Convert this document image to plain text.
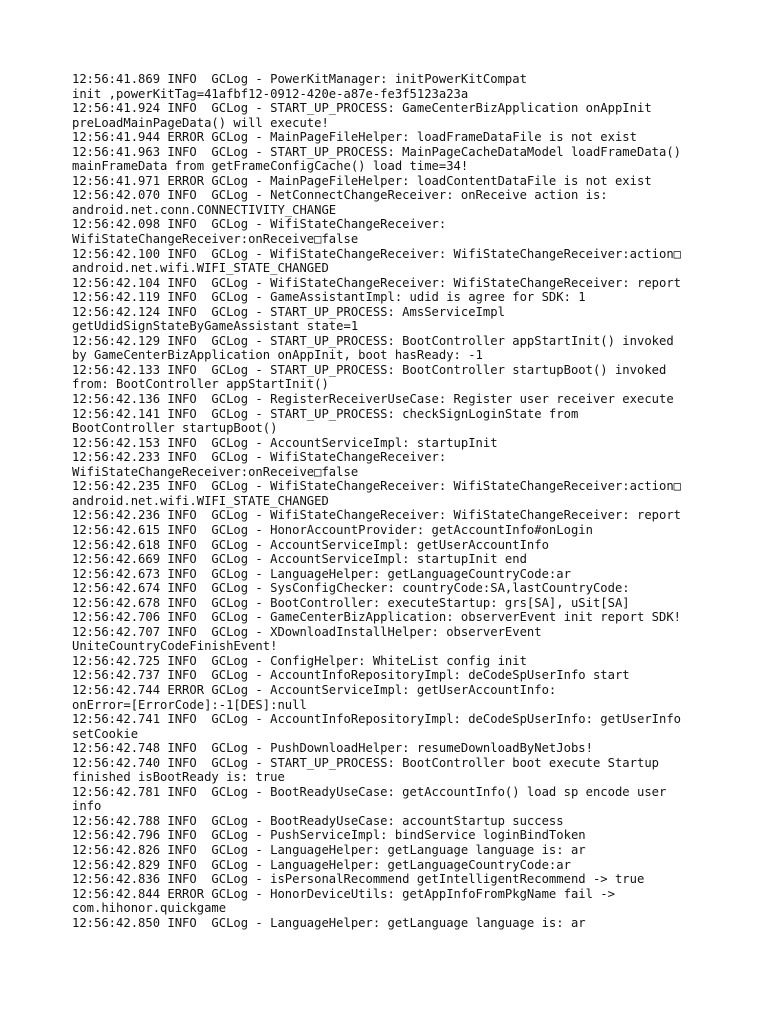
12:56:41.869 INFO  GCLog - PowerKitManager: initPowerKitCompat
init ,powerKitTag=41afbf12-0912-420e-a87e-fe3f5123a23a
12:56:41.924 INFO  GCLog - START_UP_PROCESS: GameCenterBizApplication onAppInit
preLoadMainPageData() will execute!
12:56:41.944 ERROR GCLog - MainPageFileHelper: loadFrameDataFile is not exist
12:56:41.963 INFO  GCLog - START_UP_PROCESS: MainPageCacheDataModel loadFrameData()
mainFrameData from getFrameConfigCache() load time=34!
12:56:41.971 ERROR GCLog - MainPageFileHelper: loadContentDataFile is not exist
12:56:42.070 INFO  GCLog - NetConnectChangeReceiver: onReceive action is:
android.net.conn.CONNECTIVITY_CHANGE
12:56:42.098 INFO  GCLog - WifiStateChangeReceiver:
WifiStateChangeReceiver:onReceive□false
12:56:42.100 INFO  GCLog - WifiStateChangeReceiver: WifiStateChangeReceiver:action□
android.net.wifi.WIFI_STATE_CHANGED
12:56:42.104 INFO  GCLog - WifiStateChangeReceiver: WifiStateChangeReceiver: report
12:56:42.119 INFO  GCLog - GameAssistantImpl: udid is agree for SDK: 1
12:56:42.124 INFO  GCLog - START_UP_PROCESS: AmsServiceImpl
getUdidSignStateByGameAssistant state=1
12:56:42.129 INFO  GCLog - START_UP_PROCESS: BootController appStartInit() invoked
by GameCenterBizApplication onAppInit, boot hasReady: -1
12:56:42.133 INFO  GCLog - START_UP_PROCESS: BootController startupBoot() invoked
from: BootController appStartInit()
12:56:42.136 INFO  GCLog - RegisterReceiverUseCase: Register user receiver execute
12:56:42.141 INFO  GCLog - START_UP_PROCESS: checkSignLoginState from
BootController startupBoot()
12:56:42.153 INFO  GCLog - AccountServiceImpl: startupInit
12:56:42.233 INFO  GCLog - WifiStateChangeReceiver:
WifiStateChangeReceiver:onReceive□false
12:56:42.235 INFO  GCLog - WifiStateChangeReceiver: WifiStateChangeReceiver:action□
android.net.wifi.WIFI_STATE_CHANGED
12:56:42.236 INFO  GCLog - WifiStateChangeReceiver: WifiStateChangeReceiver: report
12:56:42.615 INFO  GCLog - HonorAccountProvider: getAccountInfo#onLogin
12:56:42.618 INFO  GCLog - AccountServiceImpl: getUserAccountInfo
12:56:42.669 INFO  GCLog - AccountServiceImpl: startupInit end
12:56:42.673 INFO  GCLog - LanguageHelper: getLanguageCountryCode:ar
12:56:42.674 INFO  GCLog - SysConfigChecker: countryCode:SA,lastCountryCode:
12:56:42.678 INFO  GCLog - BootController: executeStartup: grs[SA], uSit[SA]
12:56:42.706 INFO  GCLog - GameCenterBizApplication: observerEvent init report SDK!
12:56:42.707 INFO  GCLog - XDownloadInstallHelper: observerEvent
UniteCountryCodeFinishEvent!
12:56:42.725 INFO  GCLog - ConfigHelper: WhiteList config init
12:56:42.737 INFO  GCLog - AccountInfoRepositoryImpl: deCodeSpUserInfo start
12:56:42.744 ERROR GCLog - AccountServiceImpl: getUserAccountInfo:
onError=[ErrorCode]:-1[DES]:null
12:56:42.741 INFO  GCLog - AccountInfoRepositoryImpl: deCodeSpUserInfo: getUserInfo
setCookie
12:56:42.748 INFO  GCLog - PushDownloadHelper: resumeDownloadByNetJobs!
12:56:42.740 INFO  GCLog - START_UP_PROCESS: BootController boot execute Startup
finished isBootReady is: true
12:56:42.781 INFO  GCLog - BootReadyUseCase: getAccountInfo() load sp encode user
info
12:56:42.788 INFO  GCLog - BootReadyUseCase: accountStartup success
12:56:42.796 INFO  GCLog - PushServiceImpl: bindService loginBindToken
12:56:42.826 INFO  GCLog - LanguageHelper: getLanguage language is: ar
12:56:42.829 INFO  GCLog - LanguageHelper: getLanguageCountryCode:ar
12:56:42.836 INFO  GCLog - isPersonalRecommend getIntelligentRecommend -> true
12:56:42.844 ERROR GCLog - HonorDeviceUtils: getAppInfoFromPkgName fail ->
com.hihonor.quickgame
12:56:42.850 INFO  GCLog - LanguageHelper: getLanguage language is: ar
